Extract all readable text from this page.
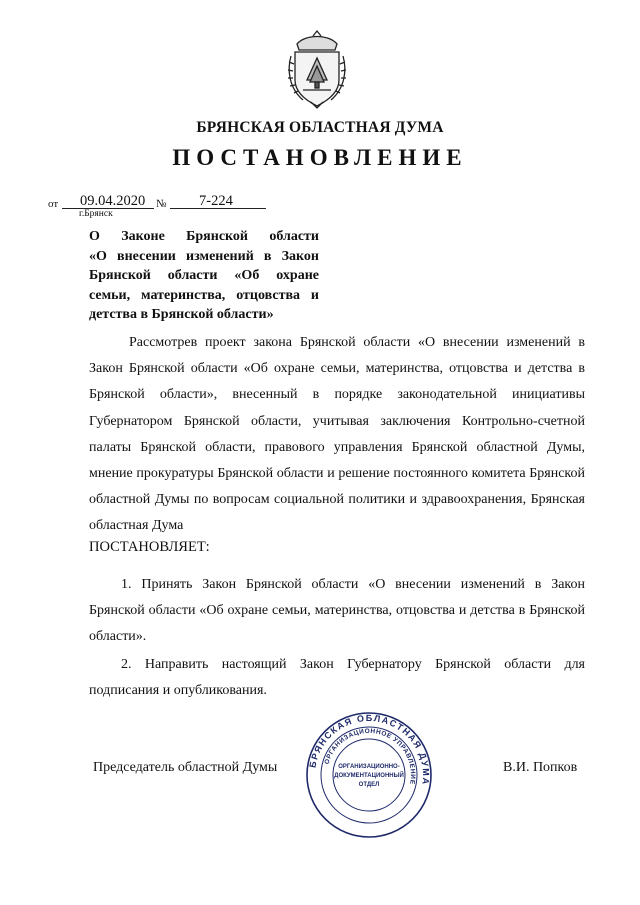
БРЯНСКАЯ ОБЛАСТНАЯ ДУМА
ПОСТАНОВЛЕНИЕ
от 09.04.2020 № 7-224
г.Брянск
О Законе Брянской области
«О внесении изменений в Закон
Брянской области «Об охране
семьи, материнства, отцовства и
детства в Брянской области»
Рассмотрев проект закона Брянской области «О внесении изменений в Закон Брянской области «Об охране семьи, материнства, отцовства и детства в Брянской области», внесенный в порядке законодательной инициативы Губернатором Брянской области, учитывая заключения Контрольно-счетной палаты Брянской области, правового управления Брянской областной Думы, мнение прокуратуры Брянской области и решение постоянного комитета Брянской областной Думы по вопросам социальной политики и здравоохранения, Брянская областная Дума
ПОСТАНОВЛЯЕТ:
1. Принять Закон Брянской области «О внесении изменений в Закон Брянской области «Об охране семьи, материнства, отцовства и детства в Брянской области».
2. Направить настоящий Закон Губернатору Брянской области для подписания и опубликования.
Председатель областной Думы	В.И. Попков
БРЯНСКАЯ ОБЛАСТНАЯ ДУМА
ОРГАНИЗАЦИОННОЕ УПРАВЛЕНИЕ
ОРГАНИЗАЦИОННО-
ДОКУМЕНТАЦИОННЫЙ
ОТДЕЛ
